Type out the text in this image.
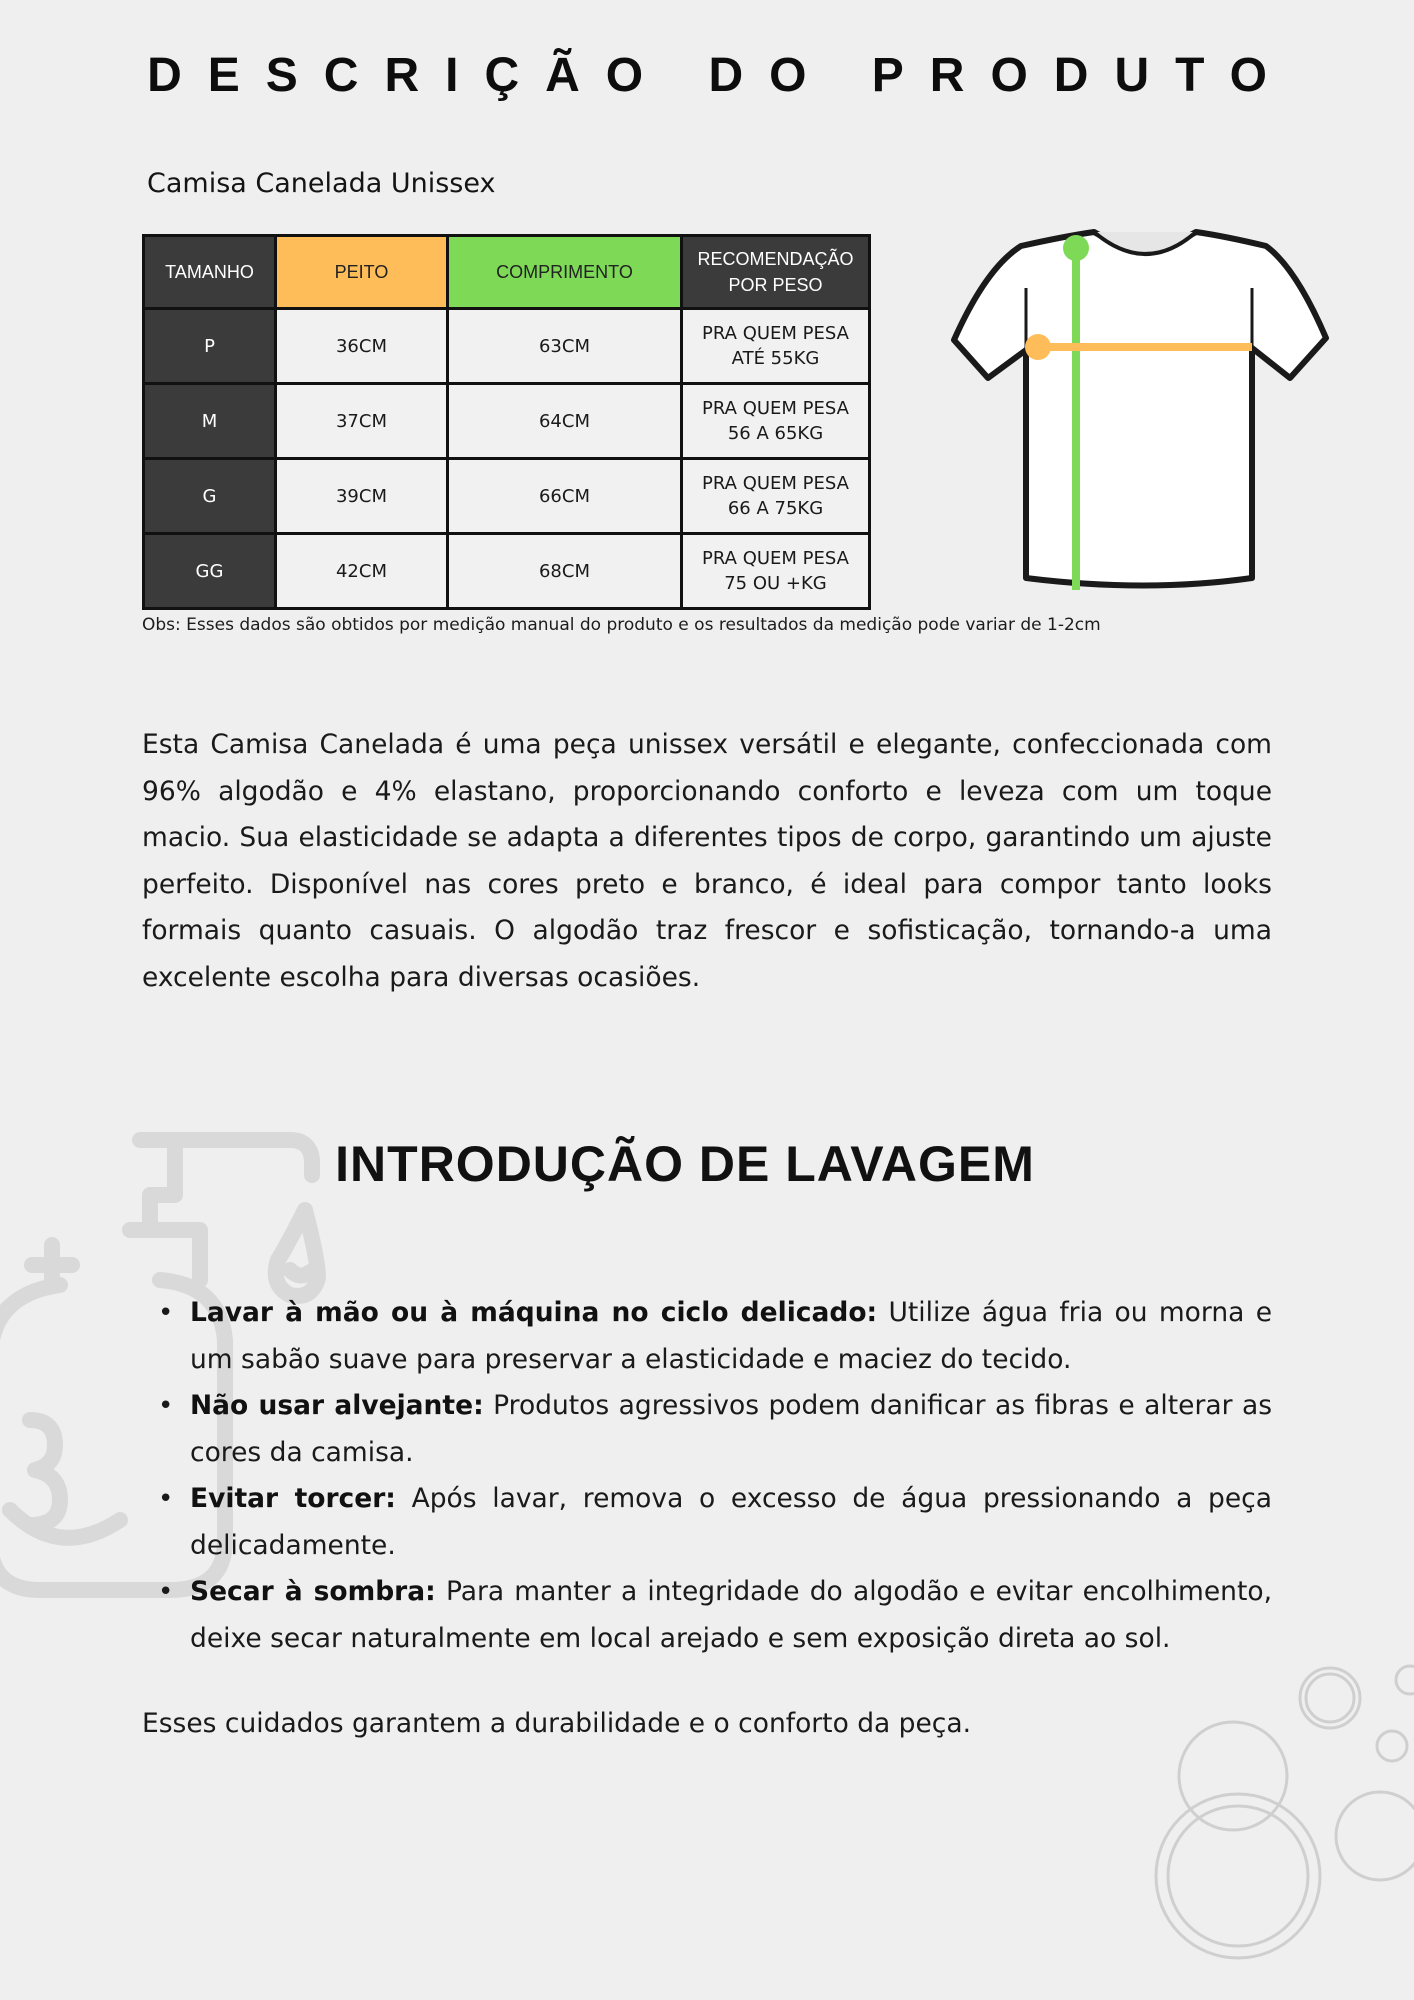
DESCRIÇÃO DO PRODUTO
Camisa Canelada Unissex
TAMANHO	PEITO	COMPRIMENTO	RECOMENDAÇÃO POR PESO
P	36CM	63CM	PRA QUEM PESA ATÉ 55KG
M	37CM	64CM	PRA QUEM PESA 56 A 65KG
G	39CM	66CM	PRA QUEM PESA 66 A 75KG
GG	42CM	68CM	PRA QUEM PESA 75 OU +KG
Obs: Esses dados são obtidos por medição manual do produto e os resultados da medição pode variar de 1-2cm

Esta Camisa Canelada é uma peça unissex versátil e elegante, confeccionada com 96% algodão e 4% elastano, proporcionando conforto e leveza com um toque macio. Sua elasticidade se adapta a diferentes tipos de corpo, garantindo um ajuste perfeito. Disponível nas cores preto e branco, é ideal para compor tanto looks formais quanto casuais. O algodão traz frescor e sofisticação, tornando-a uma excelente escolha para diversas ocasiões.

INTRODUÇÃO DE LAVAGEM
• Lavar à mão ou à máquina no ciclo delicado: Utilize água fria ou morna e um sabão suave para preservar a elasticidade e maciez do tecido.
• Não usar alvejante: Produtos agressivos podem danificar as fibras e alterar as cores da camisa.
• Evitar torcer: Após lavar, remova o excesso de água pressionando a peça delicadamente.
• Secar à sombra: Para manter a integridade do algodão e evitar encolhimento, deixe secar naturalmente em local arejado e sem exposição direta ao sol.
Esses cuidados garantem a durabilidade e o conforto da peça.
